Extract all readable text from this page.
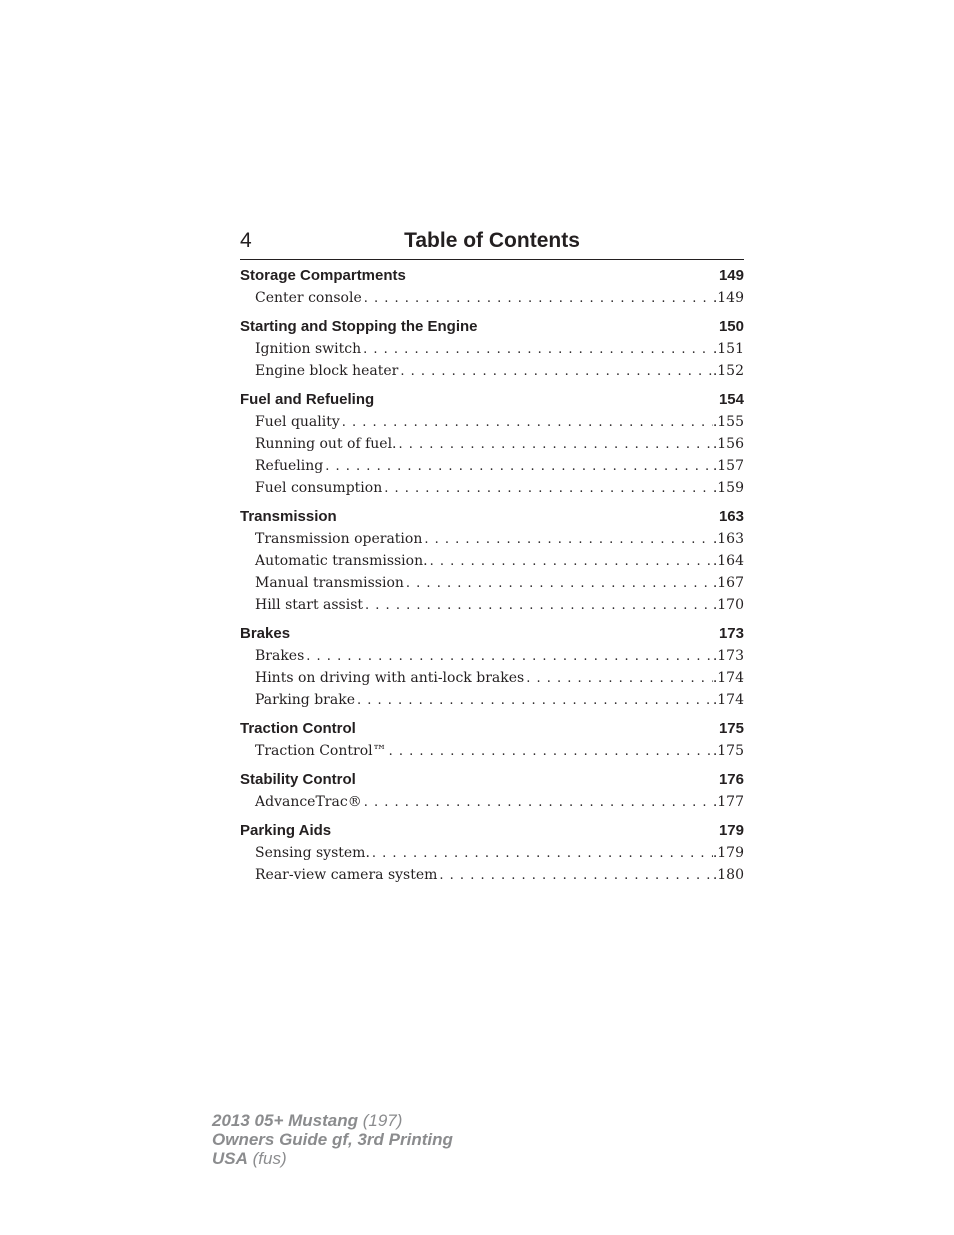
4	Table of Contents
Storage Compartments	149
Center console . . .	.149
Starting and Stopping the Engine	150
Ignition switch . . .	.151
Engine block heater . . .	.152
Fuel and Refueling	154
Fuel quality . . .	.155
Running out of fuel. . . .	.156
Refueling . . .	.157
Fuel consumption . . .	.159
Transmission	163
Transmission operation . . .	.163
Automatic transmission. . . .	.164
Manual transmission . . .	.167
Hill start assist . . .	.170
Brakes	173
Brakes . . .	.173
Hints on driving with anti-lock brakes . . .	.174
Parking brake . . .	.174
Traction Control	175
Traction Control™ . . .	.175
Stability Control	176
AdvanceTrac® . . .	.177
Parking Aids	179
Sensing system. . . .	.179
Rear-view camera system . . .	.180
2013 05+ Mustang (197)
Owners Guide gf, 3rd Printing
USA (fus)
